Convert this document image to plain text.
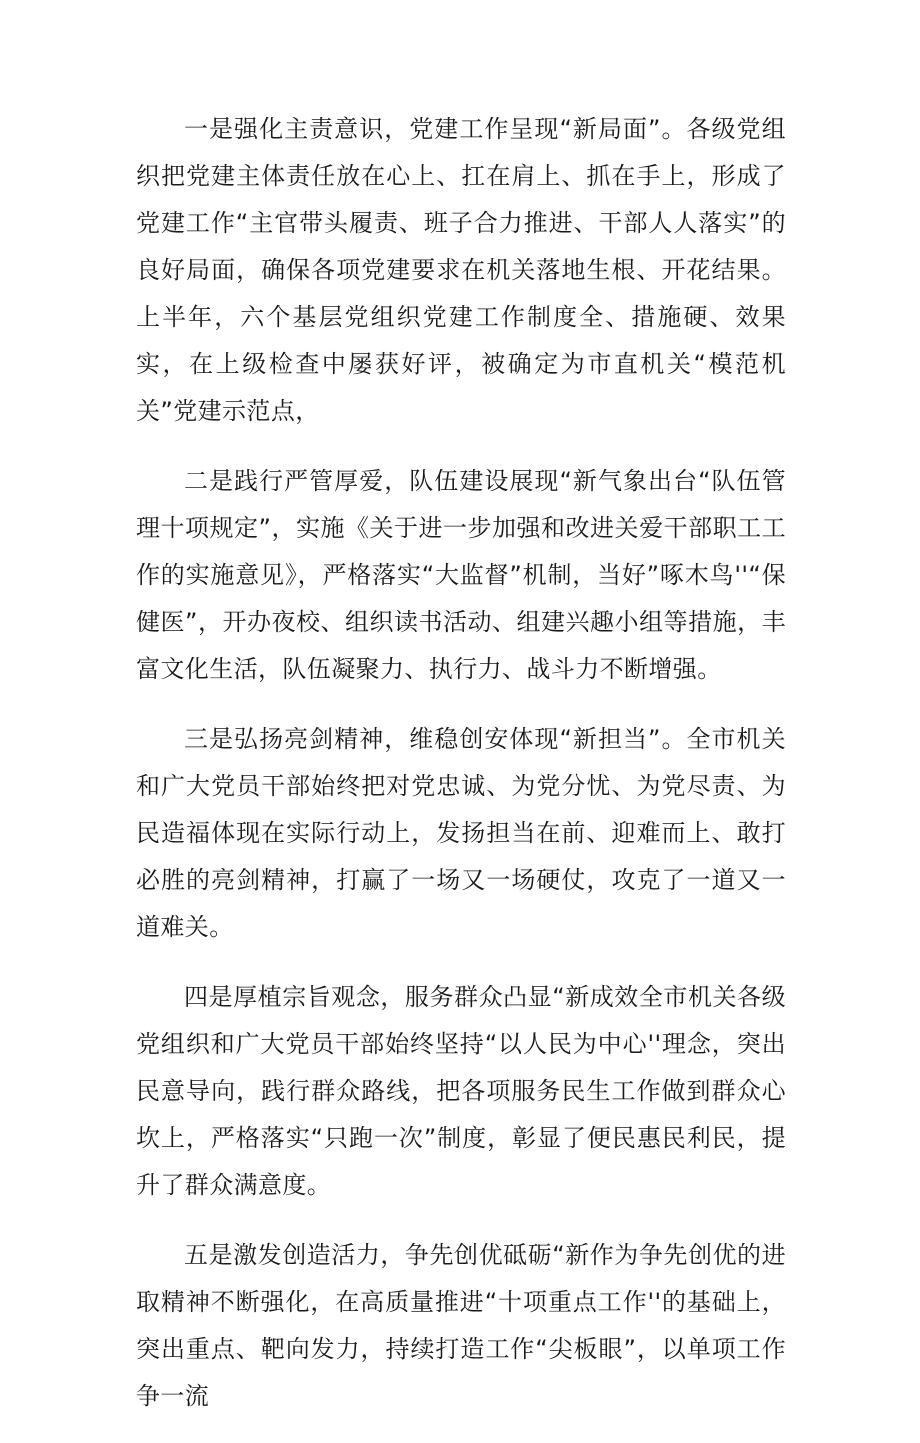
一是强化主责意识，党建工作呈现“新局面”。各级党组织把党建主体责任放在心上、扛在肩上、抓在手上，形成了党建工作“主官带头履责、班子合力推进、干部人人落实”的良好局面，确保各项党建要求在机关落地生根、开花结果。上半年，六个基层党组织党建工作制度全、措施硬、效果实，在上级检查中屡获好评，被确定为市直机关“模范机关”党建示范点，

二是践行严管厚爱，队伍建设展现“新气象出台“队伍管理十项规定”，实施《关于进一步加强和改进关爱干部职工工作的实施意见》，严格落实“大监督”机制，当好”啄木鸟''“保健医”，开办夜校、组织读书活动、组建兴趣小组等措施，丰富文化生活，队伍凝聚力、执行力、战斗力不断增强。

三是弘扬亮剑精神，维稳创安体现“新担当”。全市机关和广大党员干部始终把对党忠诚、为党分忧、为党尽责、为民造福体现在实际行动上，发扬担当在前、迎难而上、敢打必胜的亮剑精神，打赢了一场又一场硬仗，攻克了一道又一道难关。

四是厚植宗旨观念，服务群众凸显“新成效全市机关各级党组织和广大党员干部始终坚持“以人民为中心''理念，突出民意导向，践行群众路线，把各项服务民生工作做到群众心坎上，严格落实“只跑一次”制度，彰显了便民惠民利民，提升了群众满意度。

五是激发创造活力，争先创优砥砺“新作为争先创优的进取精神不断强化，在高质量推进“十项重点工作''的基础上，突出重点、靶向发力，持续打造工作“尖板眼”，以单项工作争一流
